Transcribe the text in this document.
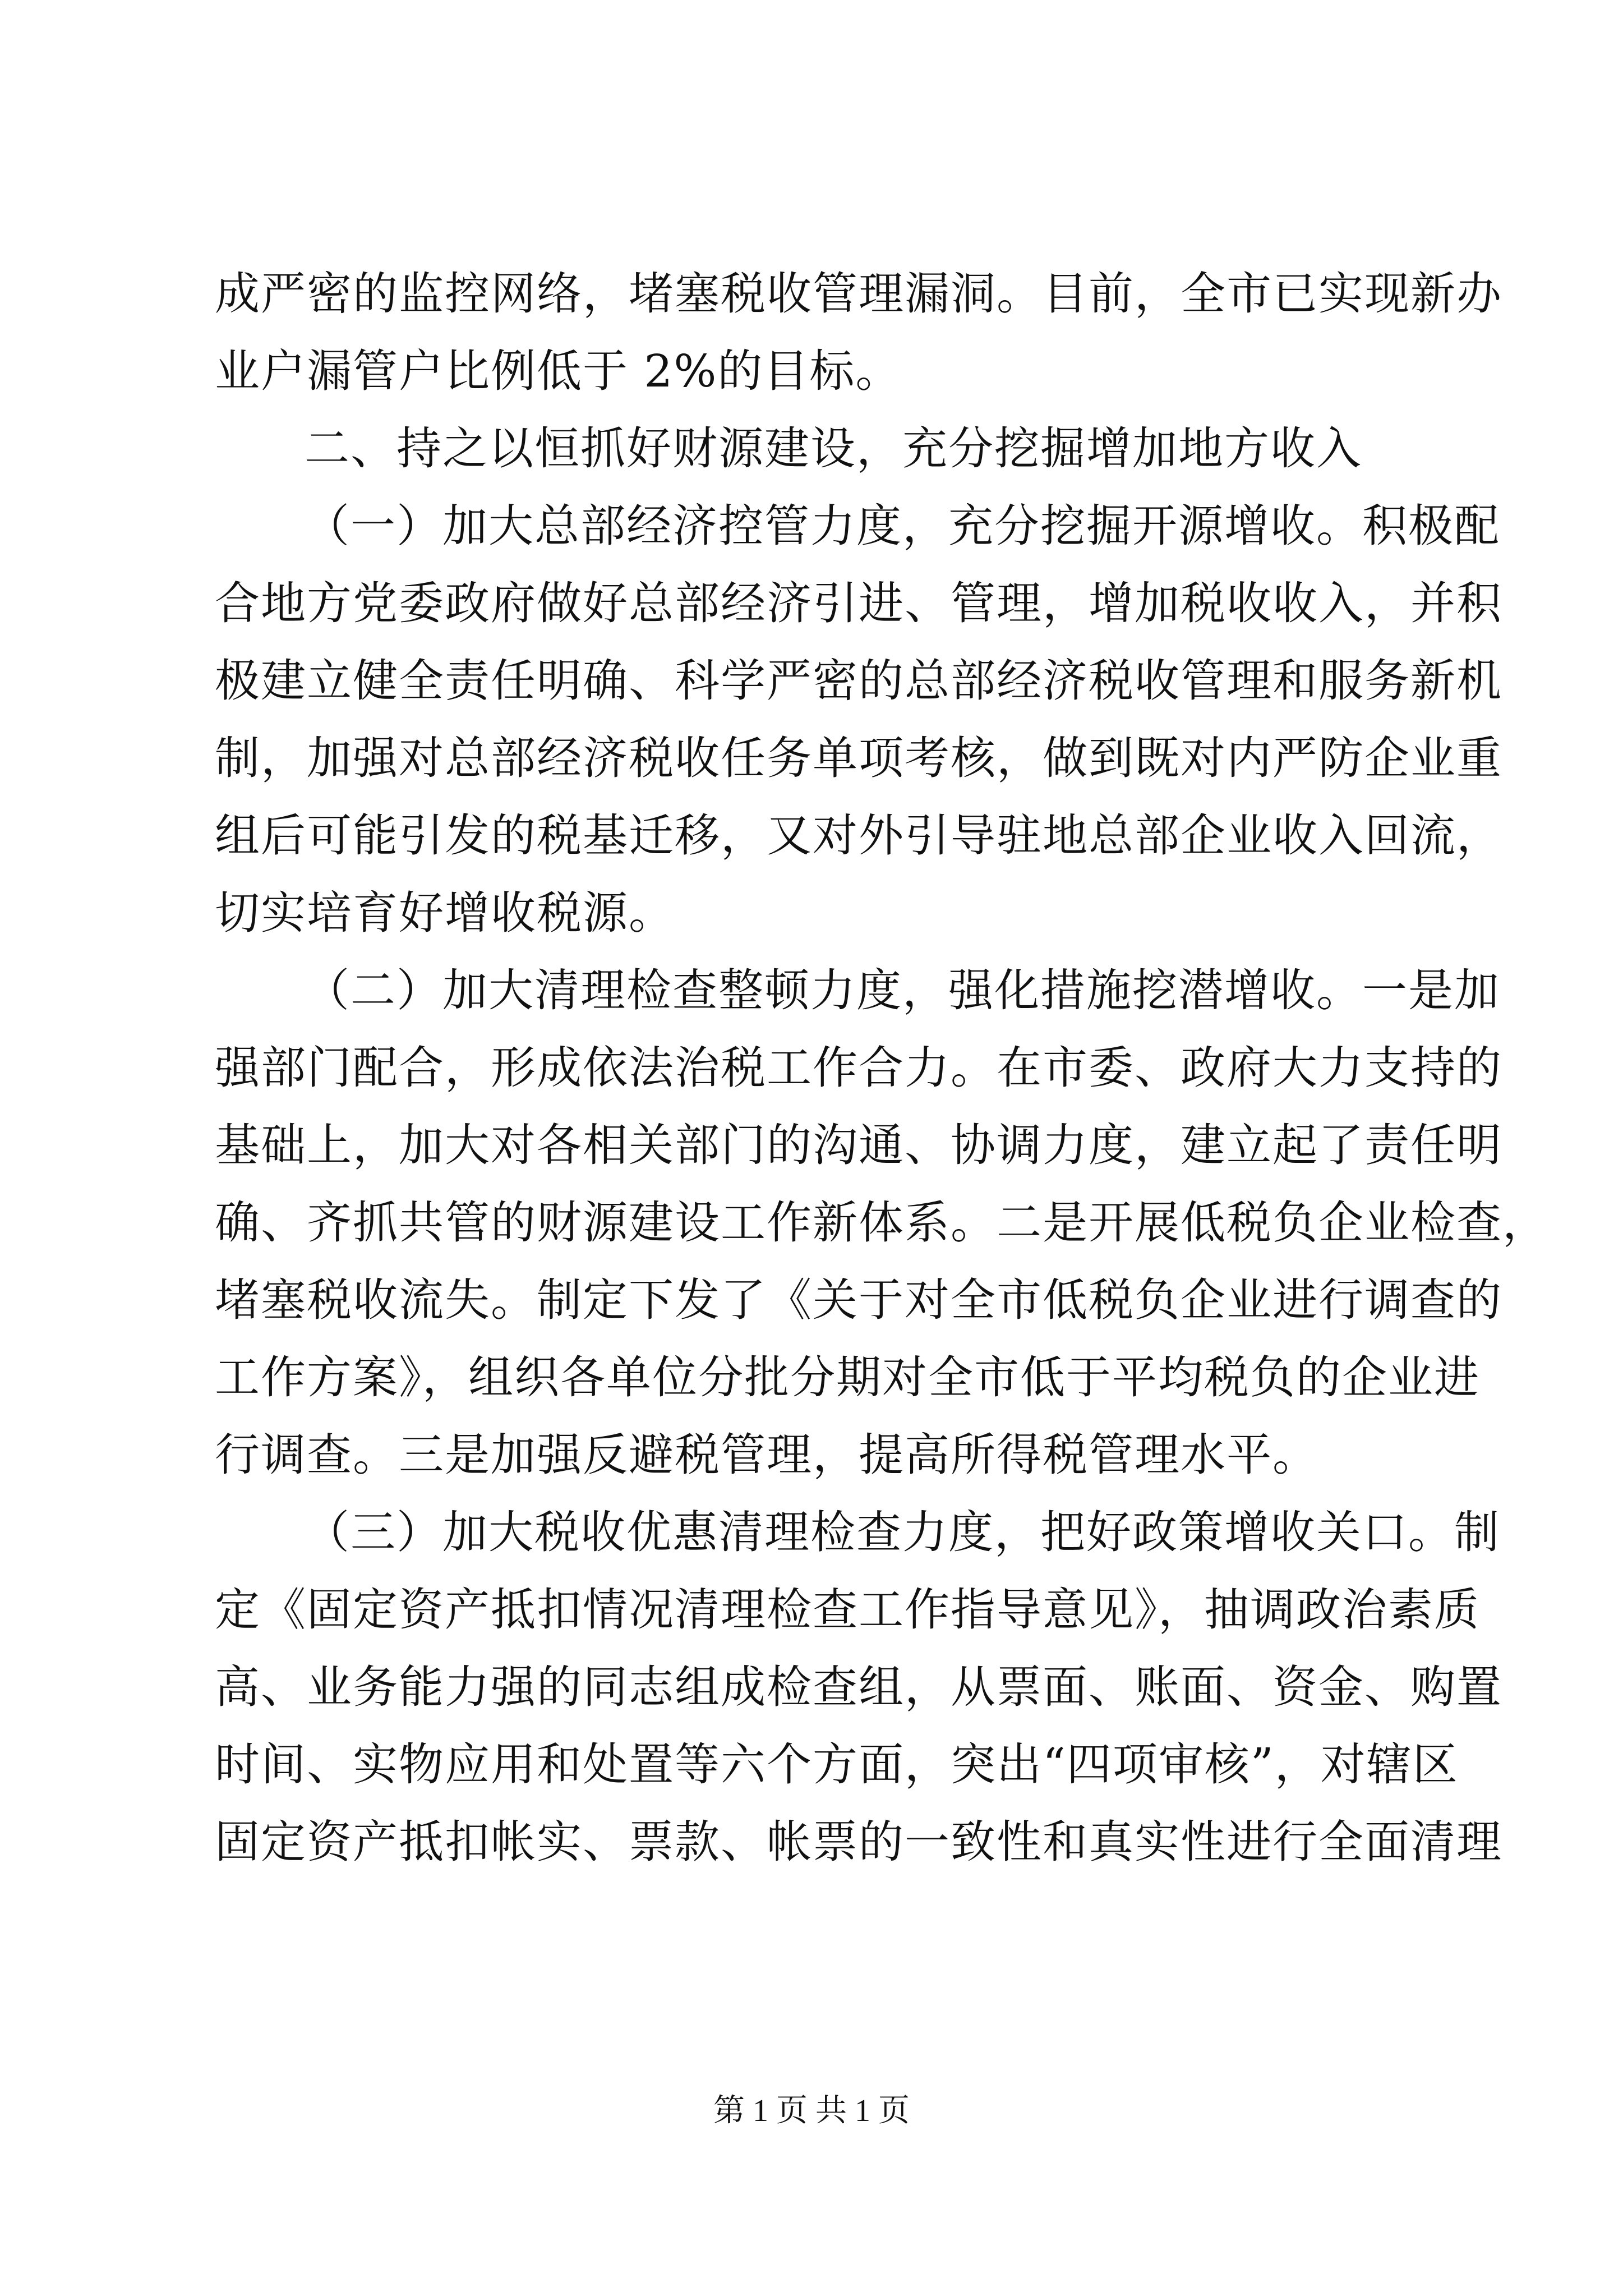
成严密的监控网络，堵塞税收管理漏洞。目前，全市已实现新办
业户漏管户比例低于 2%的目标。
二、持之以恒抓好财源建设，充分挖掘增加地方收入
（一）加大总部经济控管力度，充分挖掘开源增收。积极配
合地方党委政府做好总部经济引进、管理，增加税收收入，并积
极建立健全责任明确、科学严密的总部经济税收管理和服务新机
制，加强对总部经济税收任务单项考核，做到既对内严防企业重
组后可能引发的税基迁移，又对外引导驻地总部企业收入回流，
切实培育好增收税源。
（二）加大清理检查整顿力度，强化措施挖潜增收。一是加
强部门配合，形成依法治税工作合力。在市委、政府大力支持的
基础上，加大对各相关部门的沟通、协调力度，建立起了责任明
确、齐抓共管的财源建设工作新体系。二是开展低税负企业检查，
堵塞税收流失。制定下发了《关于对全市低税负企业进行调查的
工作方案》，组织各单位分批分期对全市低于平均税负的企业进
行调查。三是加强反避税管理，提高所得税管理水平。
（三）加大税收优惠清理检查力度，把好政策增收关口。制
定《固定资产抵扣情况清理检查工作指导意见》，抽调政治素质
高、业务能力强的同志组成检查组，从票面、账面、资金、购置
时间、实物应用和处置等六个方面，突出“四项审核”，对辖区
固定资产抵扣帐实、票款、帐票的一致性和真实性进行全面清理
第 1 页 共 1 页
